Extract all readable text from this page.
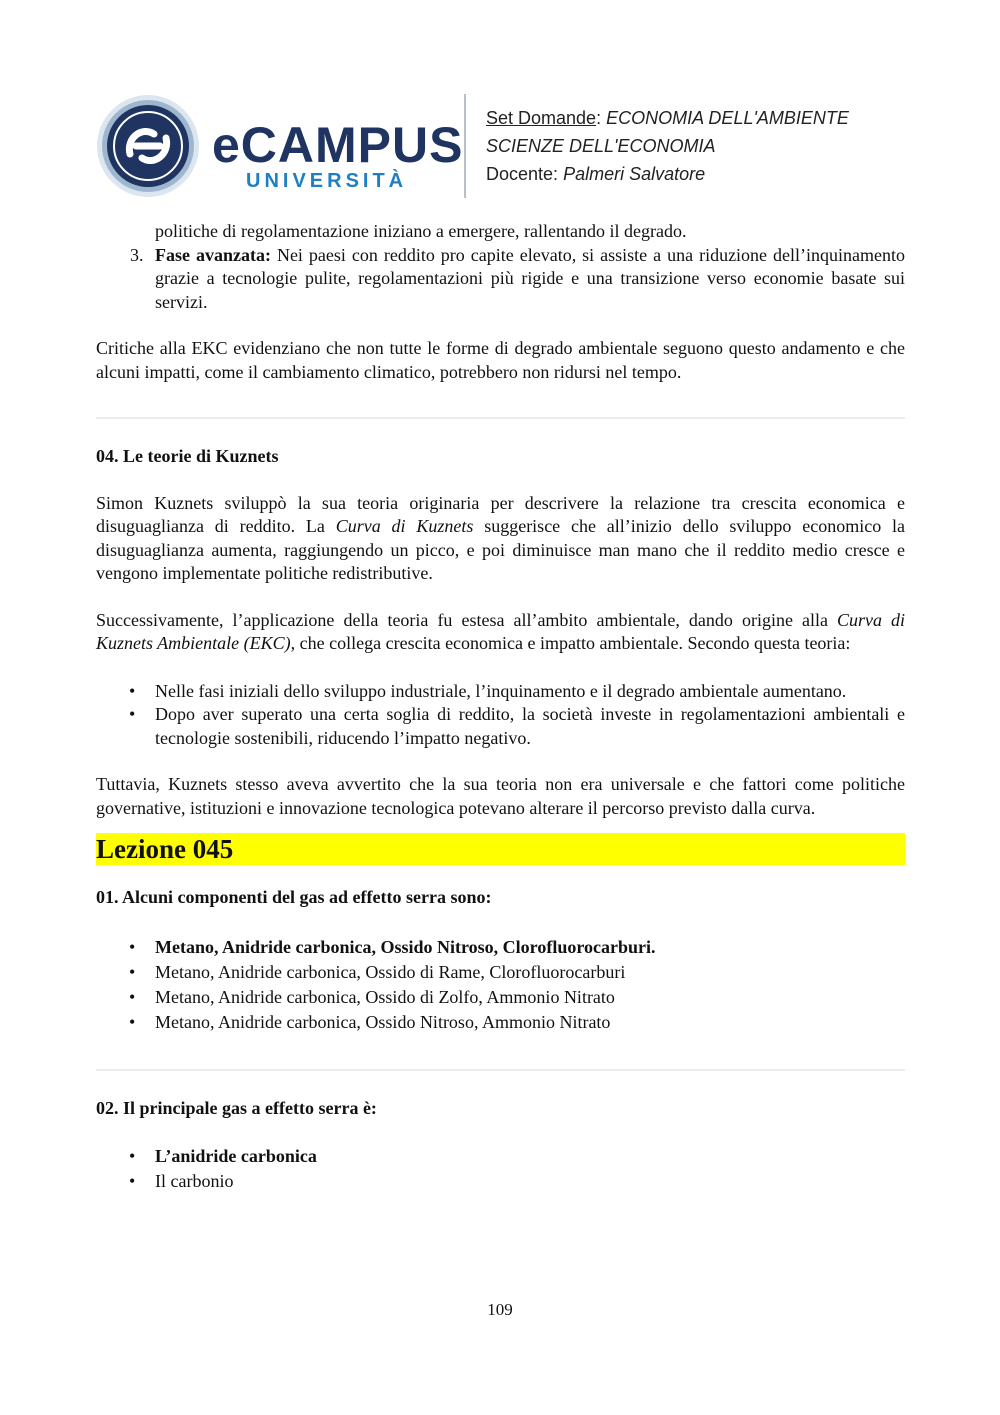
eCAMPUS
UNIVERSITÀ
Set Domande: ECONOMIA DELL'AMBIENTE
SCIENZE DELL'ECONOMIA
Docente: Palmeri Salvatore
politiche di regolamentazione iniziano a emergere, rallentando il degrado.
3. Fase avanzata: Nei paesi con reddito pro capite elevato, si assiste a una riduzione dell’inquinamento grazie a tecnologie pulite, regolamentazioni più rigide e una transizione verso economie basate sui servizi.

Critiche alla EKC evidenziano che non tutte le forme di degrado ambientale seguono questo andamento e che alcuni impatti, come il cambiamento climatico, potrebbero non ridursi nel tempo.

04. Le teorie di Kuznets

Simon Kuznets sviluppò la sua teoria originaria per descrivere la relazione tra crescita economica e disuguaglianza di reddito. La Curva di Kuznets suggerisce che all’inizio dello sviluppo economico la disuguaglianza aumenta, raggiungendo un picco, e poi diminuisce man mano che il reddito medio cresce e vengono implementate politiche redistributive.

Successivamente, l’applicazione della teoria fu estesa all’ambito ambientale, dando origine alla Curva di Kuznets Ambientale (EKC), che collega crescita economica e impatto ambientale. Secondo questa teoria:

• Nelle fasi iniziali dello sviluppo industriale, l’inquinamento e il degrado ambientale aumentano.
• Dopo aver superato una certa soglia di reddito, la società investe in regolamentazioni ambientali e tecnologie sostenibili, riducendo l’impatto negativo.

Tuttavia, Kuznets stesso aveva avvertito che la sua teoria non era universale e che fattori come politiche governative, istituzioni e innovazione tecnologica potevano alterare il percorso previsto dalla curva.

Lezione 045

01. Alcuni componenti del gas ad effetto serra sono:

• Metano, Anidride carbonica, Ossido Nitroso, Clorofluorocarburi.
• Metano, Anidride carbonica, Ossido di Rame, Clorofluorocarburi
• Metano, Anidride carbonica, Ossido di Zolfo, Ammonio Nitrato
• Metano, Anidride carbonica, Ossido Nitroso, Ammonio Nitrato

02. Il principale gas a effetto serra è:

• L’anidride carbonica
• Il carbonio
109
